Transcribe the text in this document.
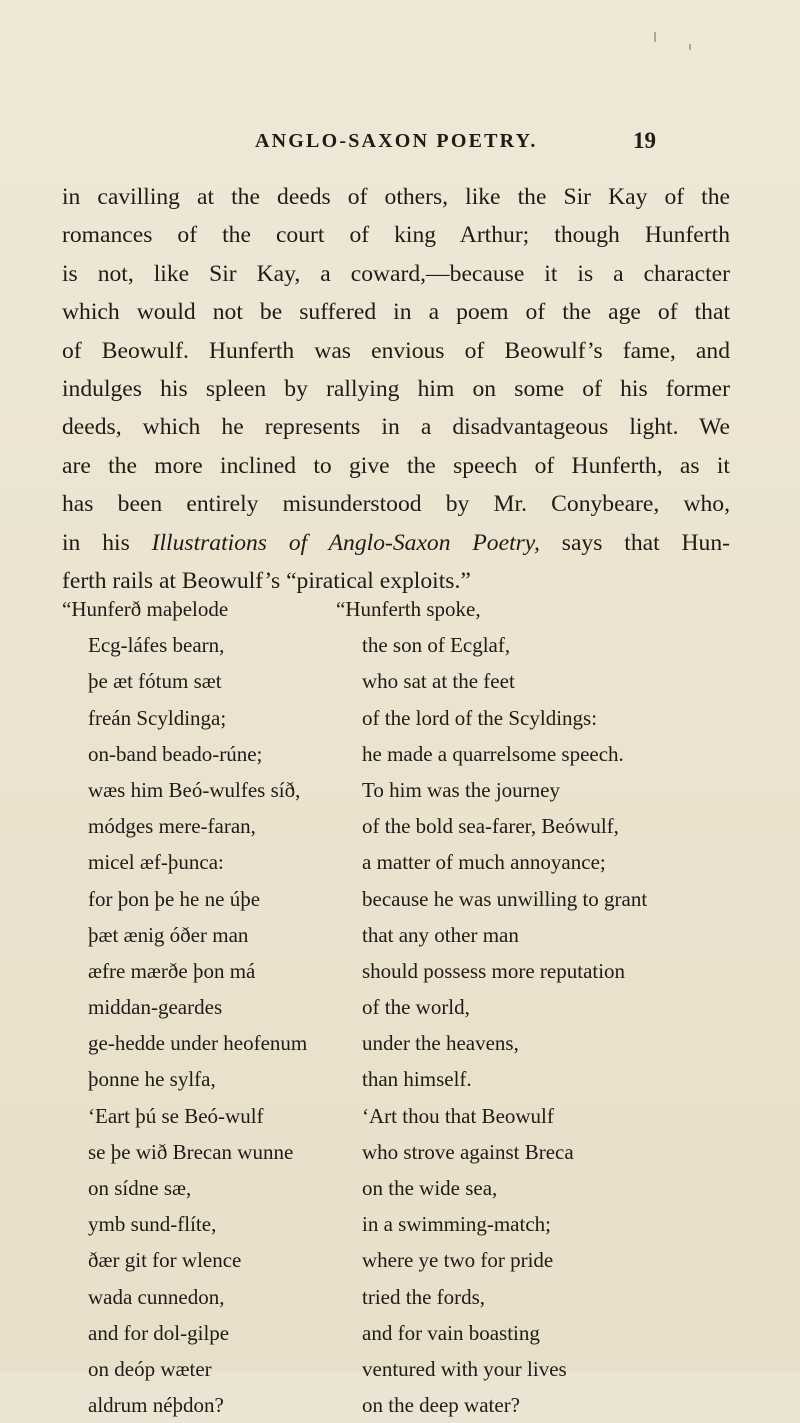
ANGLO-SAXON POETRY.	19
in cavilling at the deeds of others, like the Sir Kay of the
romances of the court of king Arthur; though Hunferth
is not, like Sir Kay, a coward,—because it is a character
which would not be suffered in a poem of the age of that
of Beowulf. Hunferth was envious of Beowulf’s fame, and
indulges his spleen by rallying him on some of his former
deeds, which he represents in a disadvantageous light. We
are the more inclined to give the speech of Hunferth, as it
has been entirely misunderstood by Mr. Conybeare, who,
in his Illustrations of Anglo-Saxon Poetry, says that Hun-
ferth rails at Beowulf’s “piratical exploits.”
“Hunferð maþelode
Ecg-láfes bearn,
þe æt fótum sæt
freán Scyldinga;
on-band beado-rúne;
wæs him Beó-wulfes síð,
módges mere-faran,
micel æf-þunca:
for þon þe he ne úþe
þæt ænig óðer man
æfre mærðe þon má
middan-geardes
ge-hedde under heofenum
þonne he sylfa,
‘Eart þú se Beó-wulf
se þe wið Brecan wunne
on sídne sæ,
ymb sund-flíte,
ðær git for wlence
wada cunnedon,
and for dol-gilpe
on deóp wæter
aldrum néþdon?
“Hunferth spoke,
the son of Ecglaf,
who sat at the feet
of the lord of the Scyldings:
he made a quarrelsome speech.
To him was the journey
of the bold sea-farer, Beówulf,
a matter of much annoyance;
because he was unwilling to grant
that any other man
should possess more reputation
of the world,
under the heavens,
than himself.
‘Art thou that Beowulf
who strove against Breca
on the wide sea,
in a swimming-match;
where ye two for pride
tried the fords,
and for vain boasting
ventured with your lives
on the deep water?
